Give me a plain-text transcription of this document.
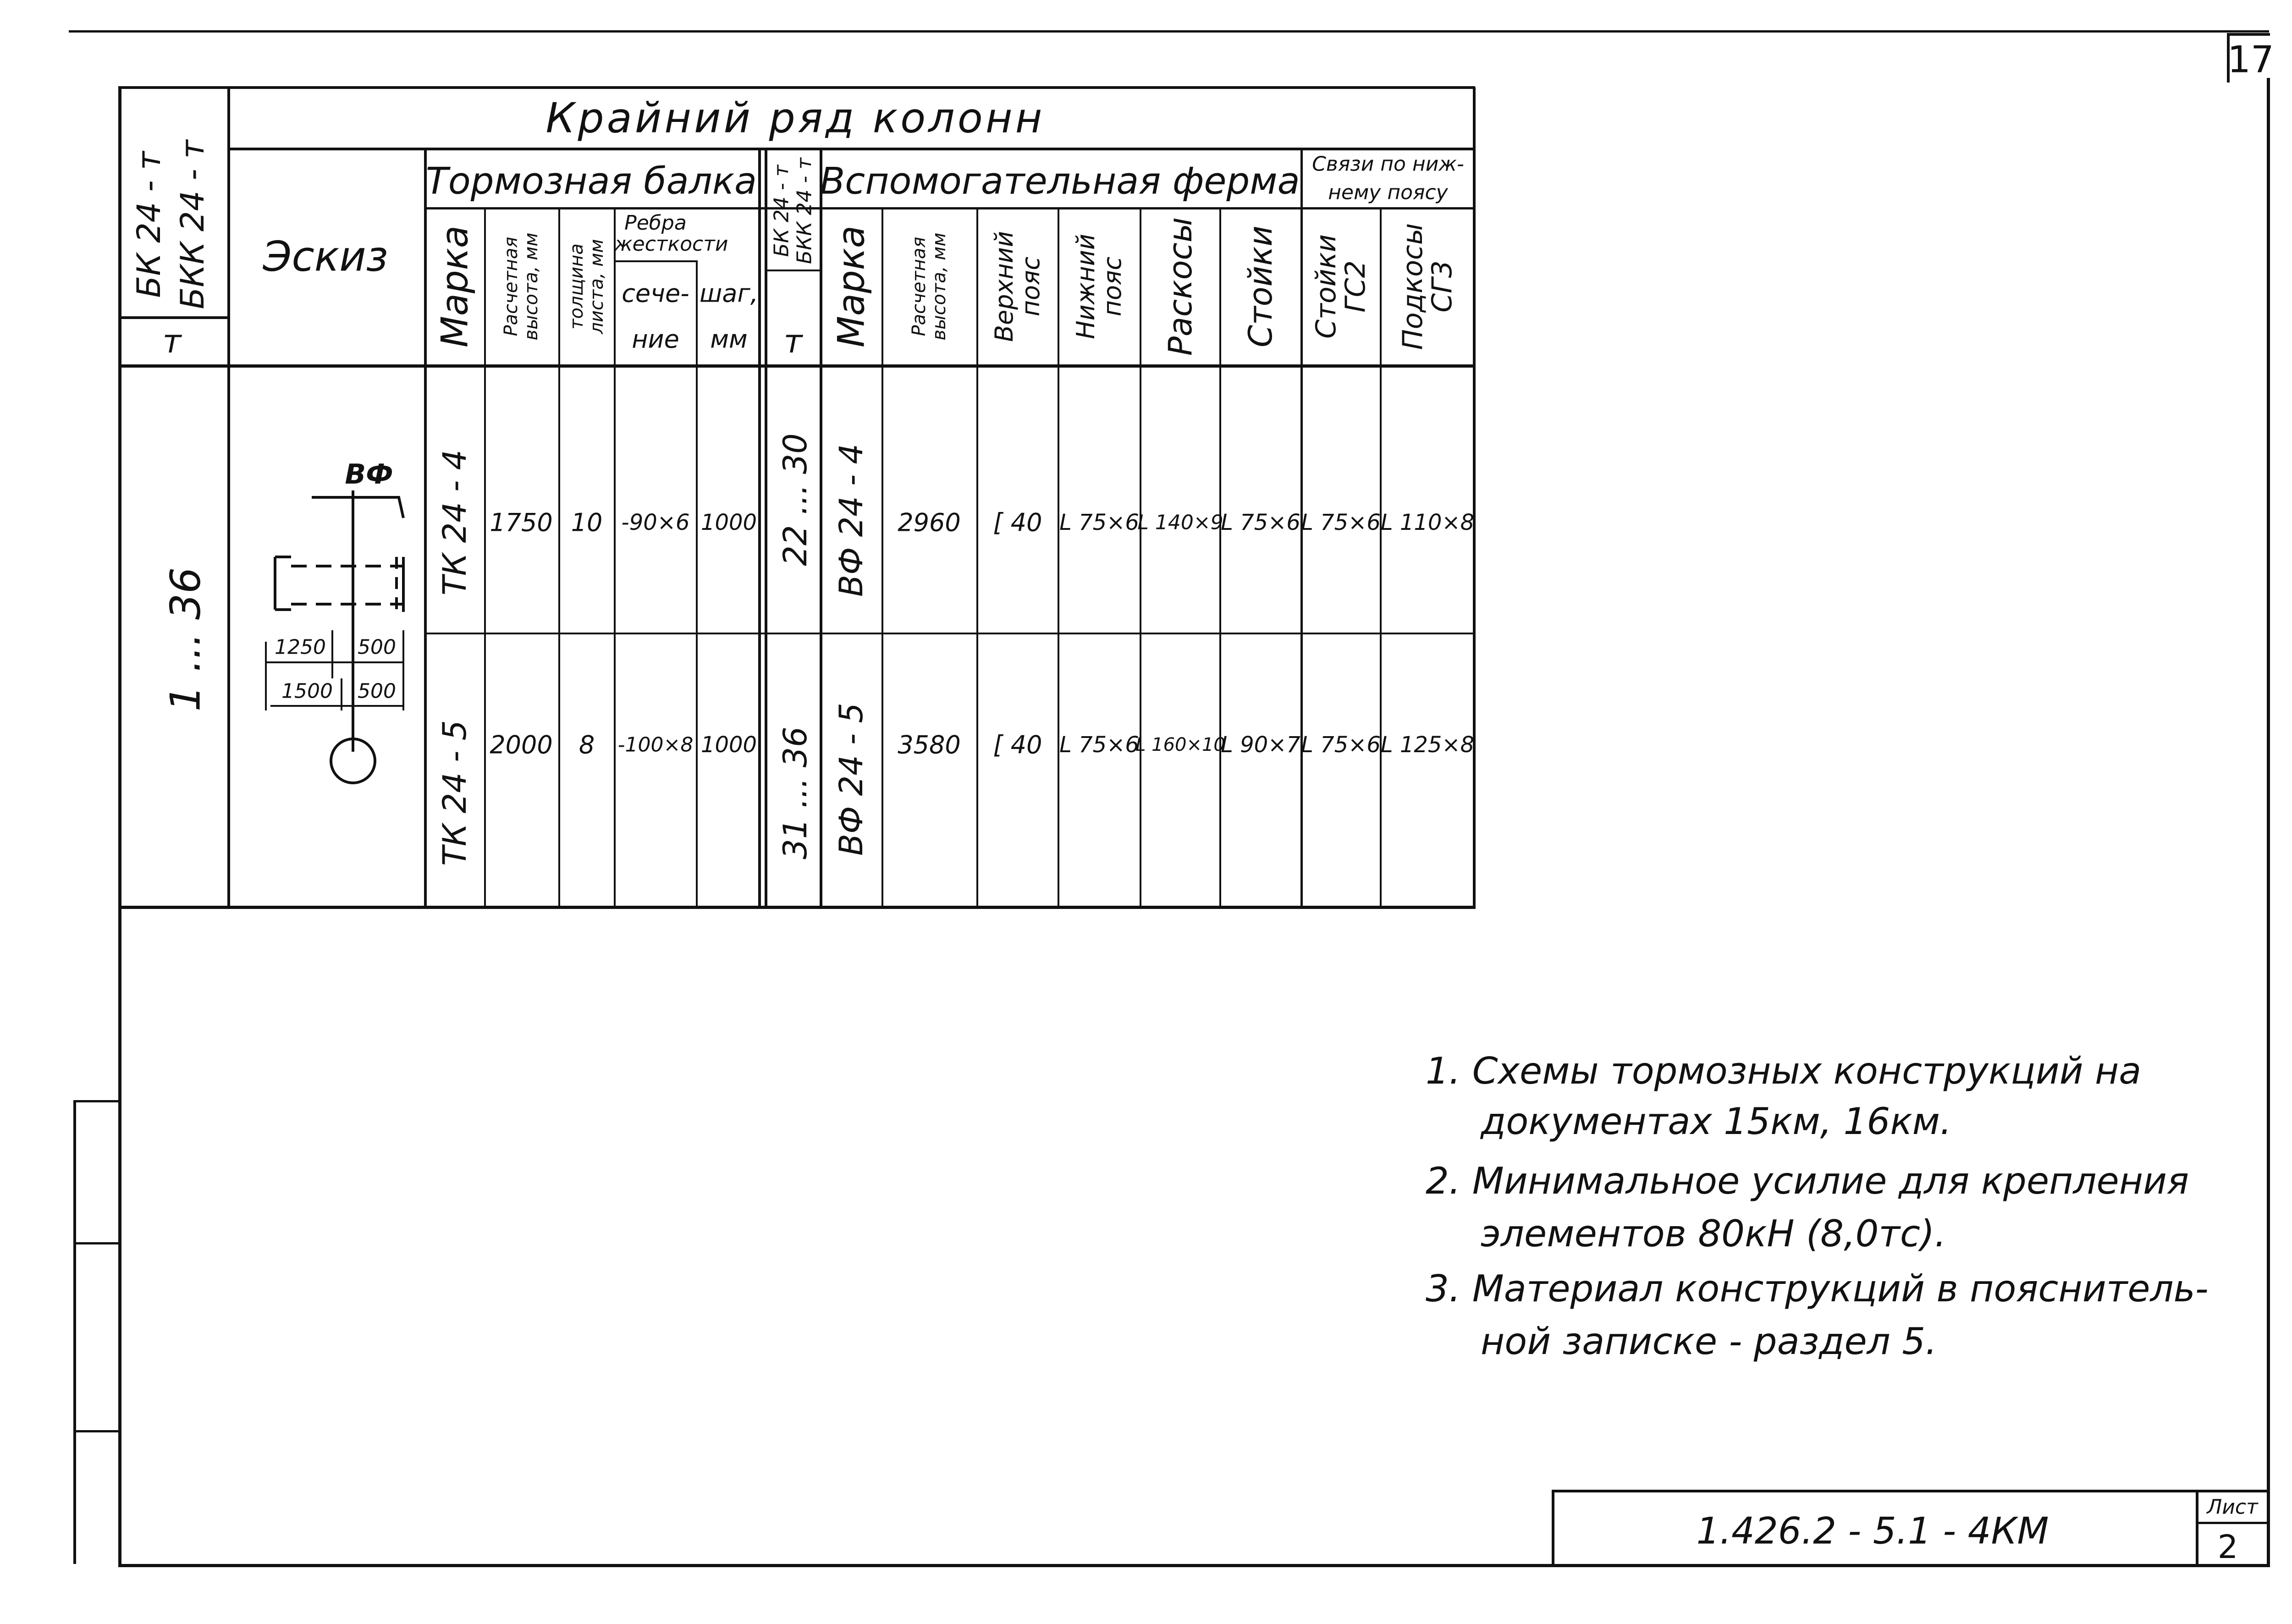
17
БК 24 - т БКК 24 - т
т
1 ... 36
Крайний ряд колонн
Эскиз
Тормозная балка
Марка Расчетная высота, мм толщина листа, мм
Ребра жесткости
сече-
ние
шаг,
мм
БК 24 - т БКК 24 - т
т
Вспомогательная ферма
Марка Расчетная высота, мм Верхний пояс Нижний пояс Раскосы Стойки
Связи по ниж-
нему поясу
Стойки ГС2 Подкосы СГ3
ТК 24 - 4 1750 10 -90×6 1000 22 ... 30 ВФ 24 - 4 2960 [ 40 L 75×6
L 140×9
L 75×6 L 75×6 L 110×8
ТК 24 - 5 2000 8 -100×8 1000 31 ... 36 ВФ 24 - 5 3580 [ 40 L 75×6
L 160×10
L 90×7 L 75×6 L 125×8
ВФ
1250 500
1500 500
1. Схемы тормозных конструкций на
документах 15км, 16км.
2. Минимальное усилие для крепления
элементов 80кН (8,0тс).
3. Материал конструкций в пояснитель-
ной записке - раздел 5.
1.426.2 - 5.1 - 4КМ
Лист
2
